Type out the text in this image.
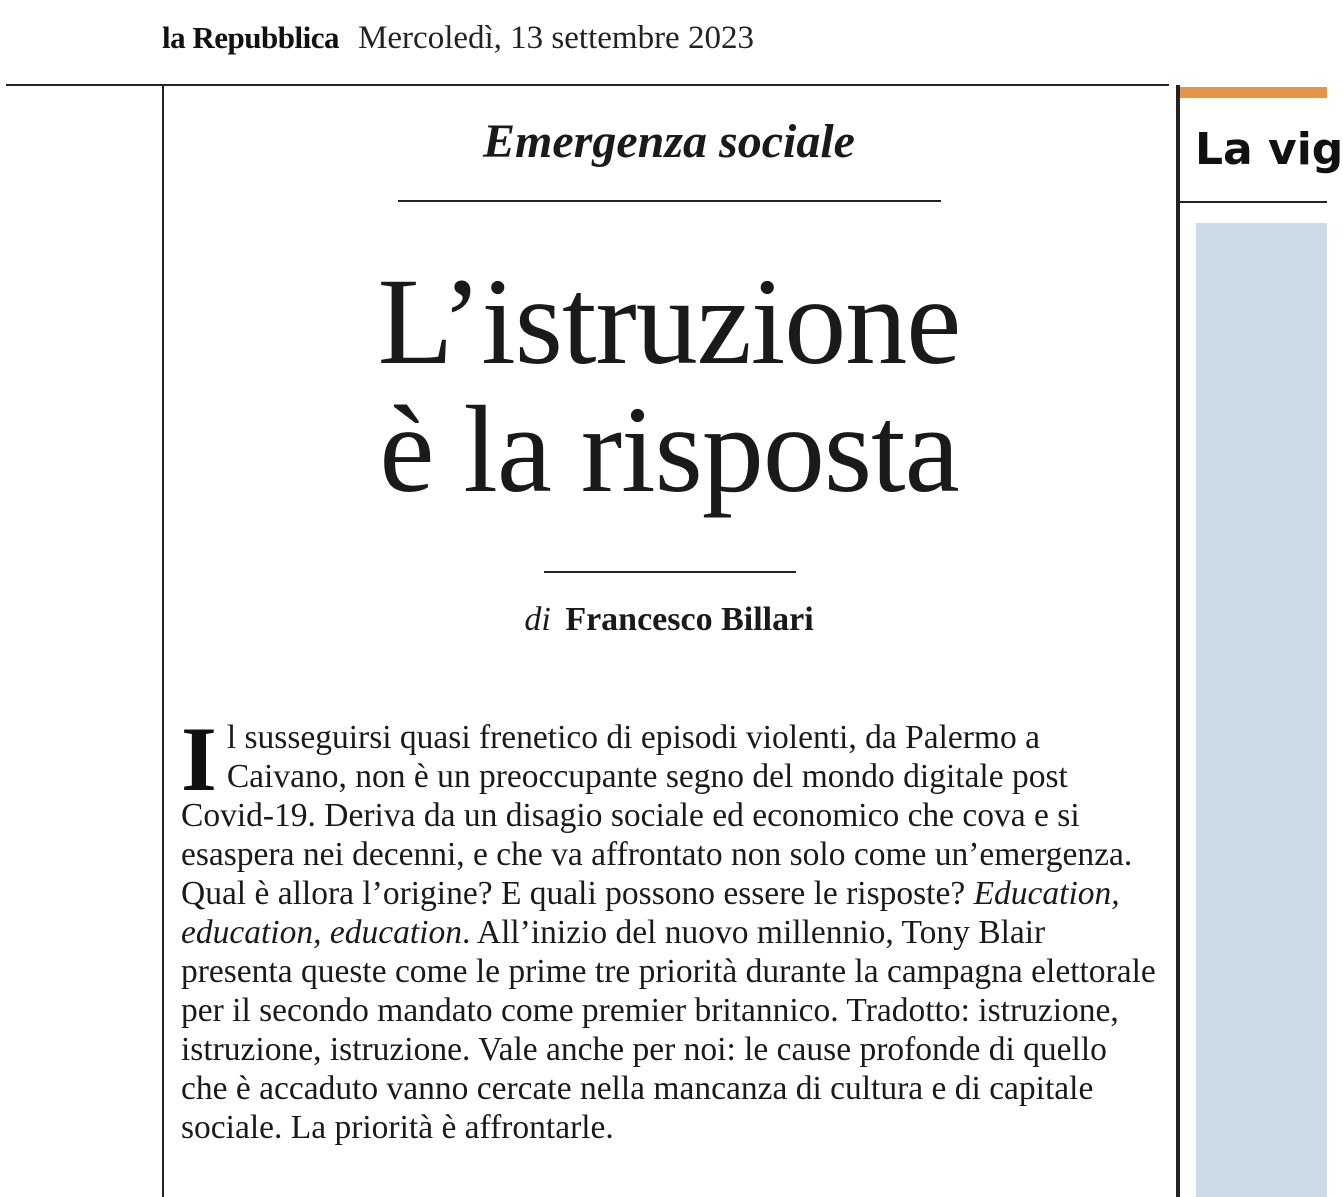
la Repubblica Mercoledì, 13 settembre 2023
Emergenza sociale
L’istruzione
è la risposta
di Francesco Billari
Il susseguirsi quasi frenetico di episodi violenti, da Palermo a Caivano, non è un preoccupante segno del mondo digitale post Covid-19. Deriva da un disagio sociale ed economico che cova e si esaspera nei decenni, e che va affrontato non solo come un’emergenza. Qual è allora l’origine? E quali possono essere le risposte? Education, education, education. All’inizio del nuovo millennio, Tony Blair presenta queste come le prime tre priorità durante la campagna elettorale per il secondo mandato come premier britannico. Tradotto: istruzione, istruzione, istruzione. Vale anche per noi: le cause profonde di quello che è accaduto vanno cercate nella mancanza di cultura e di capitale sociale. La priorità è affrontarle.
La vig
